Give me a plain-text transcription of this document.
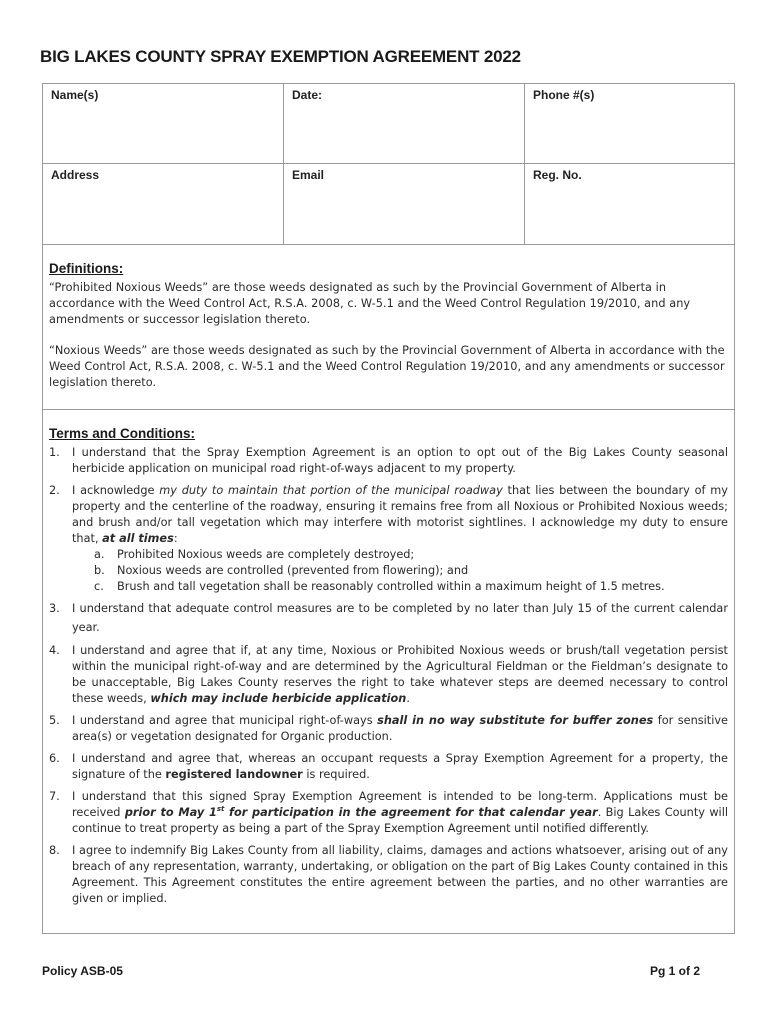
BIG LAKES COUNTY SPRAY EXEMPTION AGREEMENT 2022
Name(s)	Date:	Phone #(s)
Address	Email	Reg. No.
Definitions:

“Prohibited Noxious Weeds” are those weeds designated as such by the Provincial Government of Alberta in accordance with the Weed Control Act, R.S.A. 2008, c. W-5.1 and the Weed Control Regulation 19/2010, and any amendments or successor legislation thereto.

“Noxious Weeds” are those weeds designated as such by the Provincial Government of Alberta in accordance with the Weed Control Act, R.S.A. 2008, c. W-5.1 and the Weed Control Regulation 19/2010, and any amendments or successor legislation thereto.

Terms and Conditions:
1. I understand that the Spray Exemption Agreement is an option to opt out of the Big Lakes County seasonal herbicide application on municipal road right-of-ways adjacent to my property.
2. I acknowledge my duty to maintain that portion of the municipal roadway that lies between the boundary of my property and the centerline of the roadway, ensuring it remains free from all Noxious or Prohibited Noxious weeds; and brush and/or tall vegetation which may interfere with motorist sightlines. I acknowledge my duty to ensure that, at all times:
a. Prohibited Noxious weeds are completely destroyed;
b. Noxious weeds are controlled (prevented from flowering); and
c. Brush and tall vegetation shall be reasonably controlled within a maximum height of 1.5 metres.
3. I understand that adequate control measures are to be completed by no later than July 15 of the current calendar year.
4. I understand and agree that if, at any time, Noxious or Prohibited Noxious weeds or brush/tall vegetation persist within the municipal right-of-way and are determined by the Agricultural Fieldman or the Fieldman’s designate to be unacceptable, Big Lakes County reserves the right to take whatever steps are deemed necessary to control these weeds, which may include herbicide application.
5. I understand and agree that municipal right-of-ways shall in no way substitute for buffer zones for sensitive area(s) or vegetation designated for Organic production.
6. I understand and agree that, whereas an occupant requests a Spray Exemption Agreement for a property, the signature of the registered landowner is required.
7. I understand that this signed Spray Exemption Agreement is intended to be long-term. Applications must be received prior to May 1st for participation in the agreement for that calendar year. Big Lakes County will continue to treat property as being a part of the Spray Exemption Agreement until notified differently.
8. I agree to indemnify Big Lakes County from all liability, claims, damages and actions whatsoever, arising out of any breach of any representation, warranty, undertaking, or obligation on the part of Big Lakes County contained in this Agreement. This Agreement constitutes the entire agreement between the parties, and no other warranties are given or implied.
Policy ASB-05	Pg 1 of 2
